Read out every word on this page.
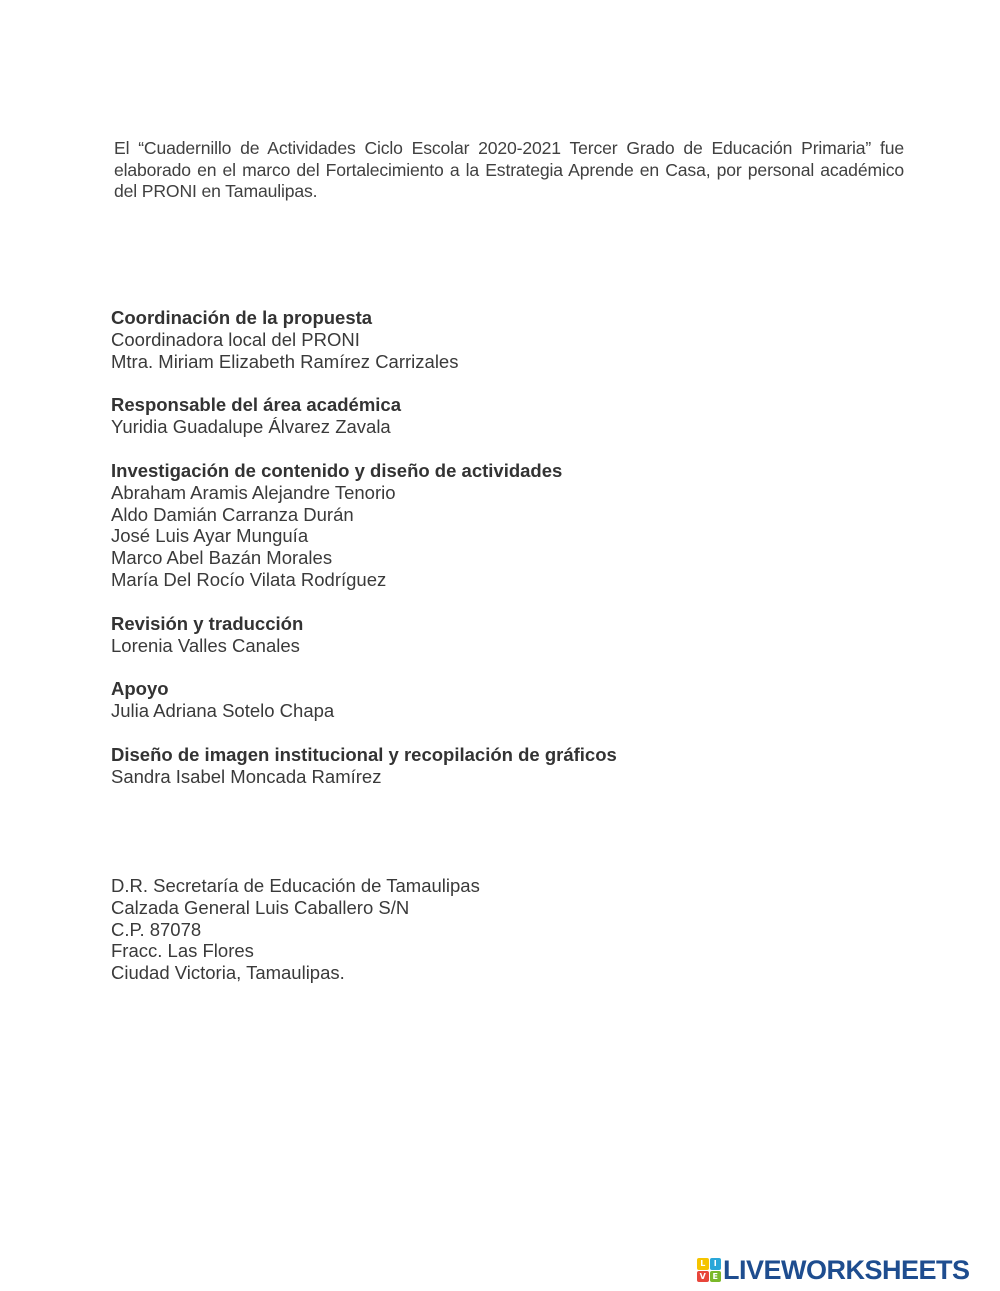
El “Cuadernillo de Actividades Ciclo Escolar 2020-2021 Tercer Grado de Educación Primaria” fue elaborado en el marco del Fortalecimiento a la Estrategia Aprende en Casa, por personal académico del PRONI en Tamaulipas.
Coordinación de la propuesta
Coordinadora local del PRONI
Mtra. Miriam Elizabeth Ramírez Carrizales
Responsable del área académica
Yuridia Guadalupe Álvarez Zavala
Investigación de contenido y diseño de actividades
Abraham Aramis Alejandre Tenorio
Aldo Damián Carranza Durán
José Luis Ayar Munguía
Marco Abel Bazán Morales
María Del Rocío Vilata Rodríguez
Revisión y traducción
Lorenia Valles Canales
Apoyo
Julia Adriana Sotelo Chapa
Diseño de imagen institucional y recopilación de gráficos
Sandra Isabel Moncada Ramírez
D.R. Secretaría de Educación de Tamaulipas
Calzada General Luis Caballero S/N
C.P. 87078
Fracc. Las Flores
Ciudad Victoria, Tamaulipas.
L	I
V E LIVEWORKSHEETS
